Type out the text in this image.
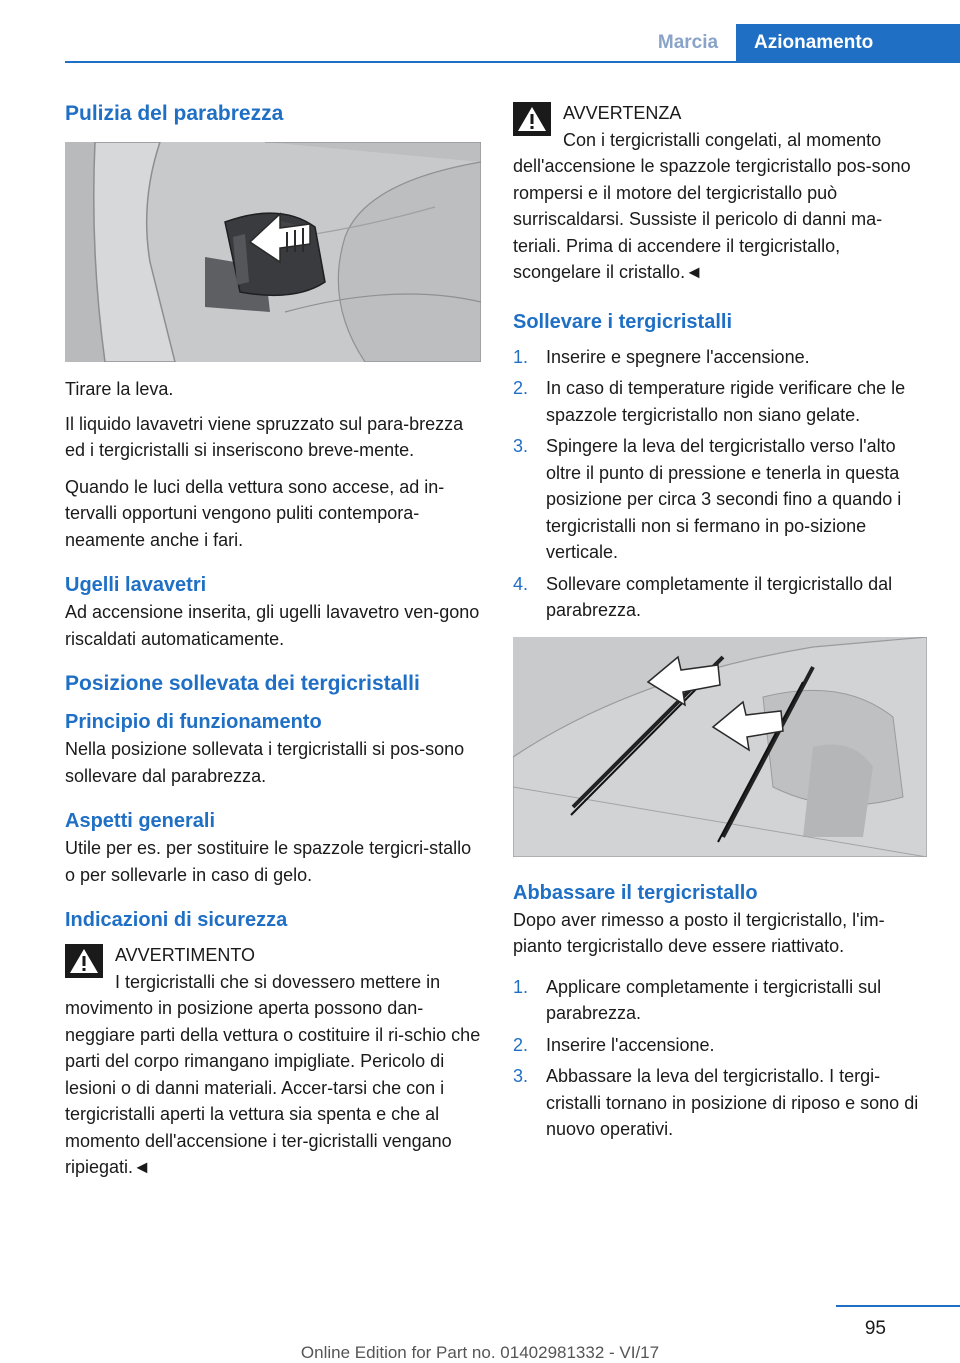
Marcia	Azionamento
Pulizia del parabrezza

Tirare la leva.

Il liquido lavavetri viene spruzzato sul para-brezza ed i tergicristalli si inseriscono breve-mente.

Quando le luci della vettura sono accese, ad in-tervalli opportuni vengono puliti contempora-neamente anche i fari.

Ugelli lavavetri

Ad accensione inserita, gli ugelli lavavetro ven-gono riscaldati automaticamente.

Posizione sollevata dei tergicristalli
Principio di funzionamento

Nella posizione sollevata i tergicristalli si pos-sono sollevare dal parabrezza.

Aspetti generali

Utile per es. per sostituire le spazzole tergicri-stallo o per sollevarle in caso di gelo.

Indicazioni di sicurezza

AVVERTIMENTO

I tergicristalli che si dovessero mettere in movimento in posizione aperta possono dan-neggiare parti della vettura o costituire il ri-schio che parti del corpo rimangano impigliate. Pericolo di lesioni o di danni materiali. Accer-tarsi che con i tergicristalli aperti la vettura sia spenta e che al momento dell'accensione i ter-gicristalli vengano ripiegati.◄

AVVERTENZA

Con i tergicristalli congelati, al momento dell'accensione le spazzole tergicristallo pos-sono rompersi e il motore del tergicristallo può surriscaldarsi. Sussiste il pericolo di danni ma-teriali. Prima di accendere il tergicristallo, scongelare il cristallo.◄

Sollevare i tergicristalli
1. Inserire e spegnere l'accensione.
2. In caso di temperature rigide verificare che le spazzole tergicristallo non siano gelate.
3. Spingere la leva del tergicristallo verso l'alto oltre il punto di pressione e tenerla in questa posizione per circa 3 secondi fino a quando i tergicristalli non si fermano in po-sizione verticale.
4. Sollevare completamente il tergicristallo dal parabrezza.
Abbassare il tergicristallo

Dopo aver rimesso a posto il tergicristallo, l'im-pianto tergicristallo deve essere riattivato.

1. Applicare completamente i tergicristalli sul parabrezza.
2. Inserire l'accensione.
3. Abbassare la leva del tergicristallo. I tergi-cristalli tornano in posizione di riposo e sono di nuovo operativi.
95
Online Edition for Part no. 01402981332 - VI/17
